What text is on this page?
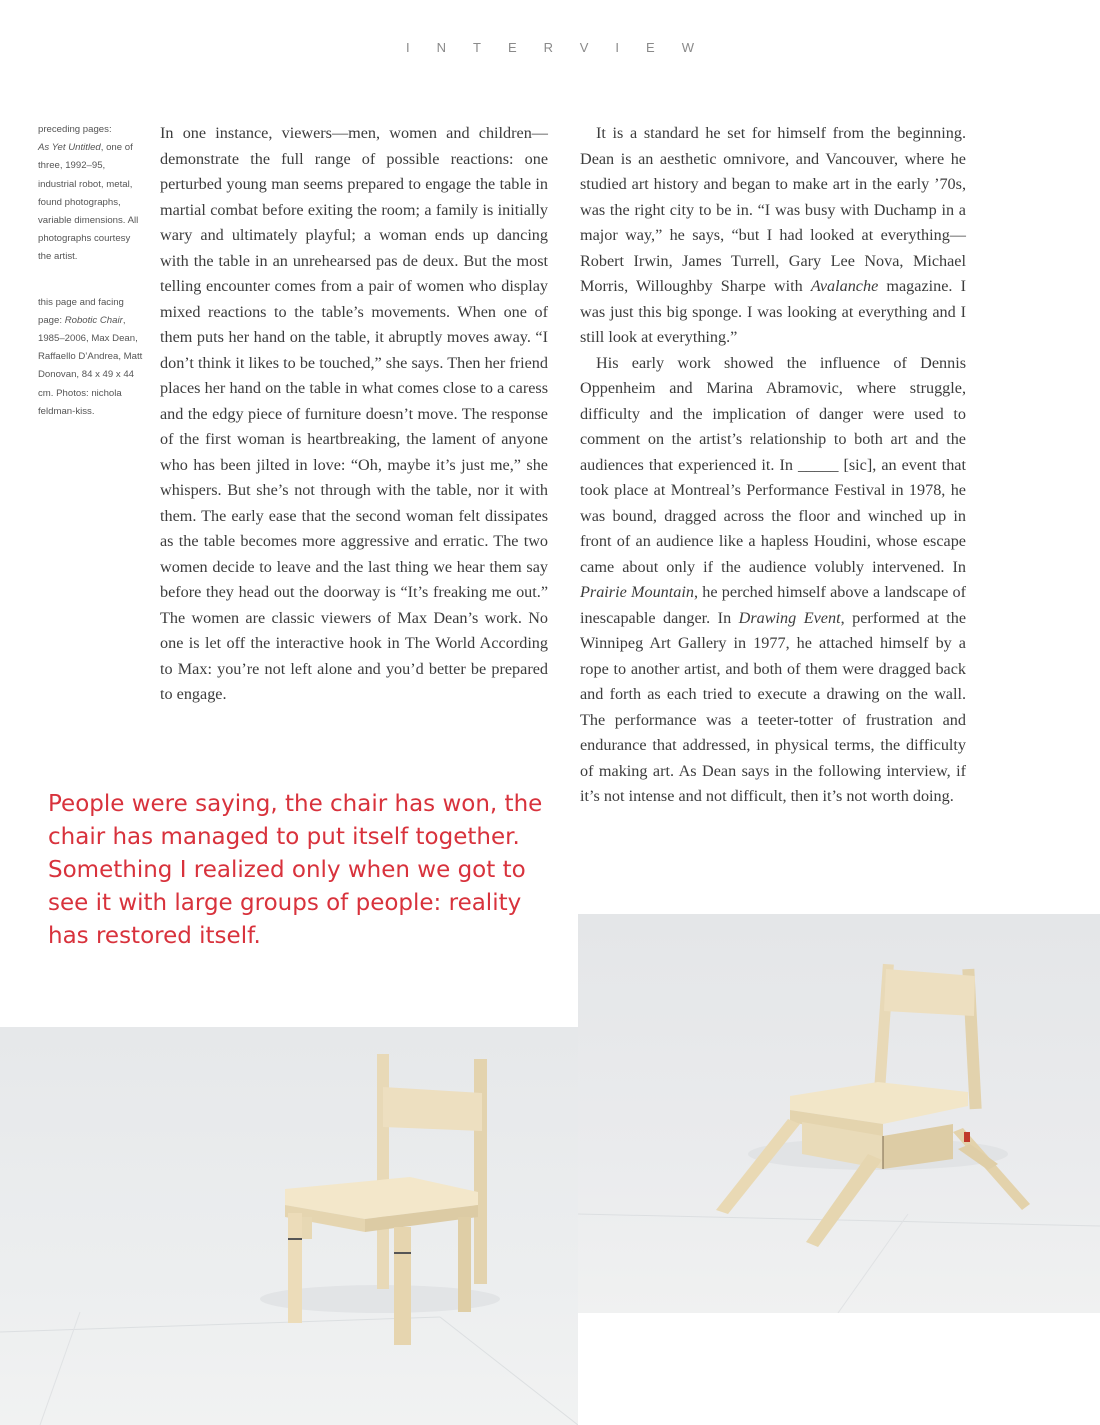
INTERVIEW

preceding pages:
As Yet Untitled, one of three, 1992–95, industrial robot, metal, found photographs, variable dimensions. All photographs courtesy the artist.

this page and facing page: Robotic Chair, 1985–2006, Max Dean, Raffaello D’Andrea, Matt Donovan, 84 x 49 x 44 cm. Photos: nichola feldman-kiss.

In one instance, viewers—men, women and children—demonstrate the full range of possible reactions: one perturbed young man seems prepared to engage the table in martial combat before exiting the room; a family is initially wary and ultimately playful; a woman ends up dancing with the table in an unrehearsed pas de deux. But the most telling encounter comes from a pair of women who display mixed reactions to the table’s movements. When one of them puts her hand on the table, it abruptly moves away. “I don’t think it likes to be touched,” she says. Then her friend places her hand on the table in what comes close to a caress and the edgy piece of furniture doesn’t move. The response of the first woman is heartbreaking, the lament of anyone who has been jilted in love: “Oh, maybe it’s just me,” she whispers. But she’s not through with the table, nor it with them. The early ease that the second woman felt dissipates as the table becomes more aggressive and erratic. The two women decide to leave and the last thing we hear them say before they head out the doorway is “It’s freaking me out.” The women are classic viewers of Max Dean’s work. No one is let off the interactive hook in The World According to Max: you’re not left alone and you’d better be prepared to engage.

It is a standard he set for himself from the beginning. Dean is an aesthetic omnivore, and Vancouver, where he studied art history and began to make art in the early ’70s, was the right city to be in. “I was busy with Duchamp in a major way,” he says, “but I had looked at everything—Robert Irwin, James Turrell, Gary Lee Nova, Michael Morris, Willoughby Sharpe with Avalanche magazine. I was just this big sponge. I was looking at everything and I still look at everything.”

His early work showed the influence of Dennis Oppenheim and Marina Abramovic, where struggle, difficulty and the implication of danger were used to comment on the artist’s relationship to both art and the audiences that experienced it. In _____ [sic], an event that took place at Montreal’s Performance Festival in 1978, he was bound, dragged across the floor and winched up in front of an audience like a hapless Houdini, whose escape came about only if the audience volubly intervened. In Prairie Mountain, he perched himself above a landscape of inescapable danger. In Drawing Event, performed at the Winnipeg Art Gallery in 1977, he attached himself by a rope to another artist, and both of them were dragged back and forth as each tried to execute a drawing on the wall. The performance was a teeter-totter of frustration and endurance that addressed, in physical terms, the difficulty of making art. As Dean says in the following interview, if it’s not intense and not difficult, then it’s not worth doing.

People were saying, the chair has won, the chair has managed to put itself together. Something I realized only when we got to see it with large groups of people: reality has restored itself.
